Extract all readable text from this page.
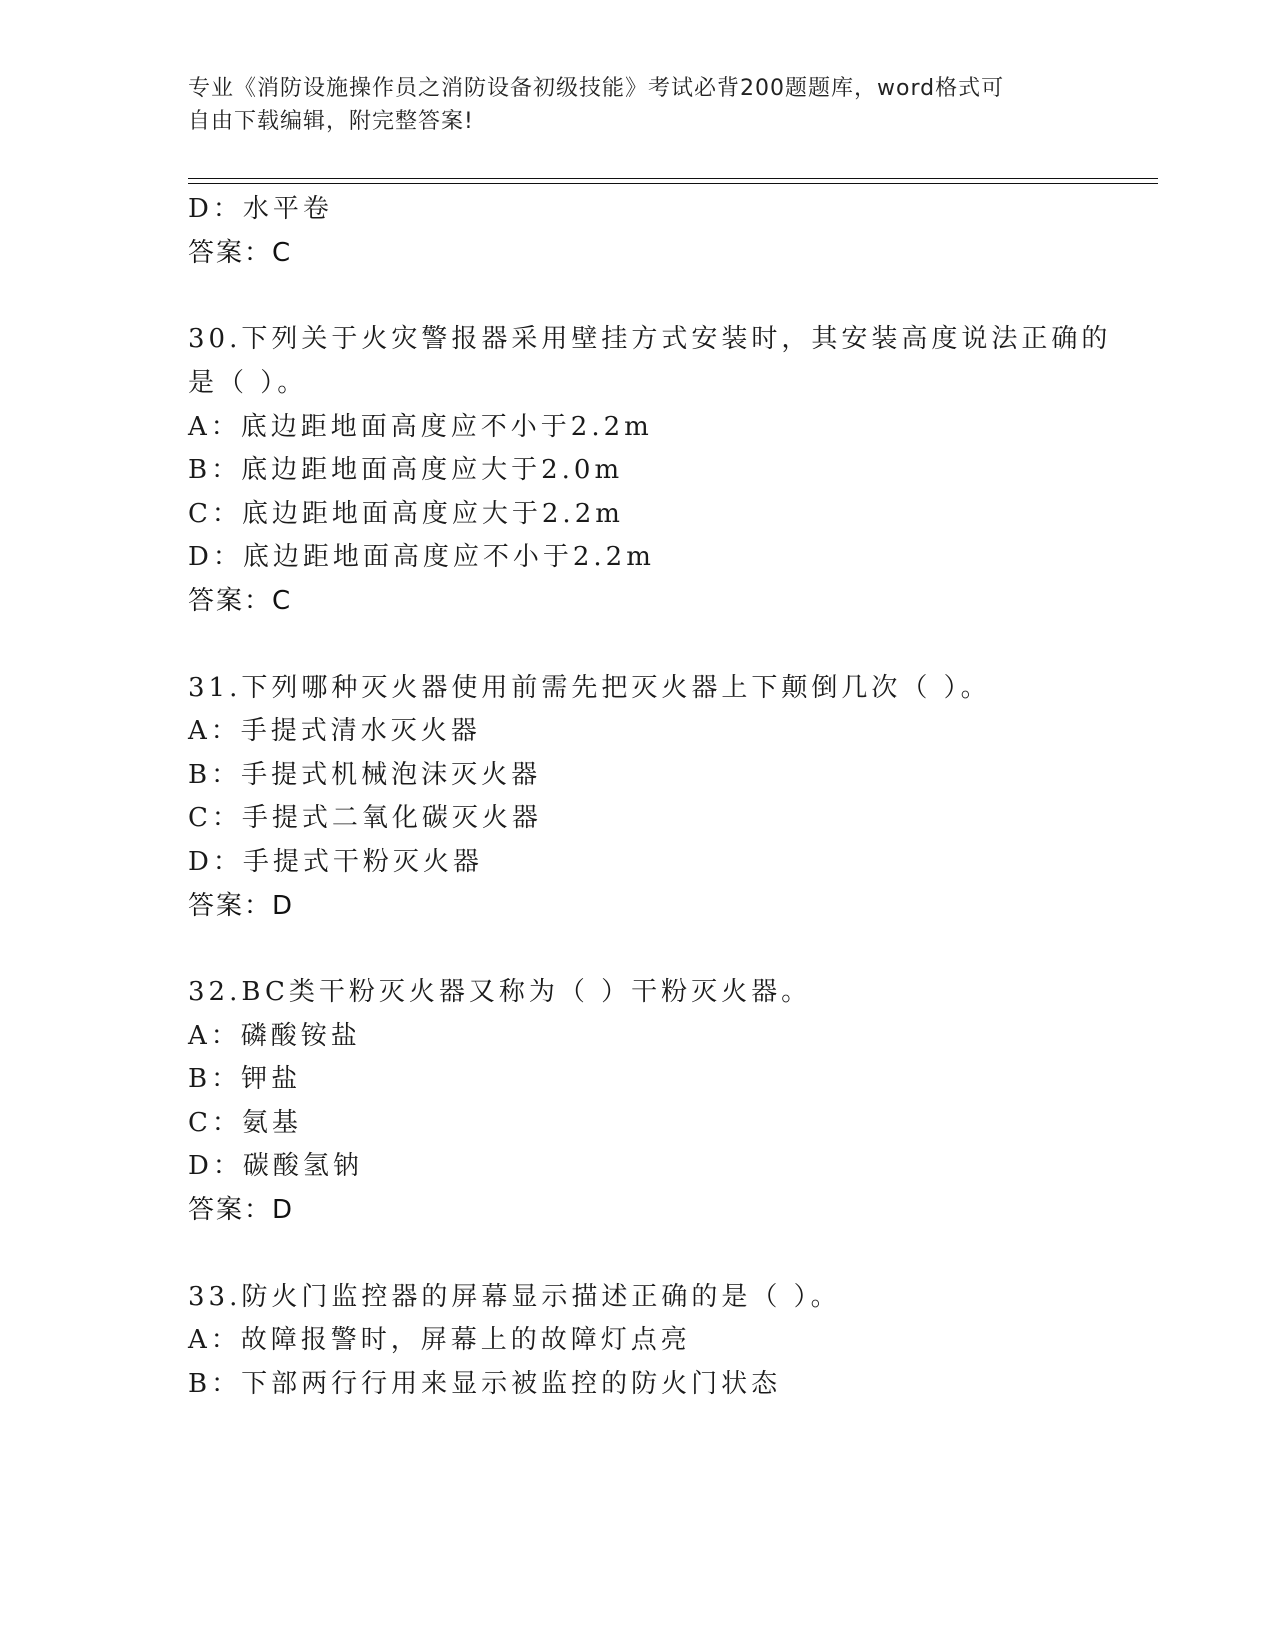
专业《消防设施操作员之消防设备初级技能》考试必背200题题库，word格式可
自由下载编辑，附完整答案!
D：水平卷
答案：C
30.下列关于火灾警报器采用壁挂方式安装时，其安装高度说法正确的
是（ ）。
A：底边距地面高度应不小于2.2m
B：底边距地面高度应大于2.0m
C：底边距地面高度应大于2.2m
D：底边距地面高度应不小于2.2m
答案：C
31.下列哪种灭火器使用前需先把灭火器上下颠倒几次（ ）。
A：手提式清水灭火器
B：手提式机械泡沫灭火器
C：手提式二氧化碳灭火器
D：手提式干粉灭火器
答案：D
32.BC类干粉灭火器又称为（ ）干粉灭火器。
A：磷酸铵盐
B：钾盐
C：氨基
D：碳酸氢钠
答案：D
33.防火门监控器的屏幕显示描述正确的是（ ）。
A：故障报警时，屏幕上的故障灯点亮
B：下部两行行用来显示被监控的防火门状态
